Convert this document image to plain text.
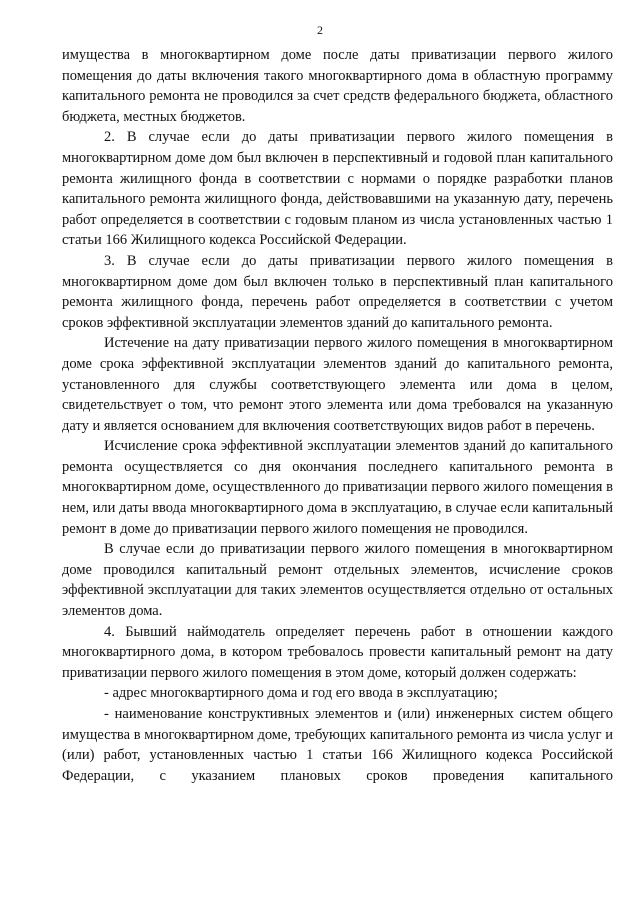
2

имущества в многоквартирном доме после даты приватизации первого жилого помещения до даты включения такого многоквартирного дома в областную программу капитального ремонта не проводился за счет средств федерального бюджета, областного бюджета, местных бюджетов.

2. В случае если до даты приватизации первого жилого помещения в многоквартирном доме дом был включен в перспективный и годовой план капитального ремонта жилищного фонда в соответствии с нормами о порядке разработки планов капитального ремонта жилищного фонда, действовавшими на указанную дату, перечень работ определяется в соответствии с годовым планом из числа установленных частью 1 статьи 166 Жилищного кодекса Российской Федерации.

3. В случае если до даты приватизации первого жилого помещения в многоквартирном доме дом был включен только в перспективный план капитального ремонта жилищного фонда, перечень работ определяется в соответствии с учетом сроков эффективной эксплуатации элементов зданий до капитального ремонта.

Истечение на дату приватизации первого жилого помещения в многоквартирном доме срока эффективной эксплуатации элементов зданий до капитального ремонта, установленного для службы соответствующего элемента или дома в целом, свидетельствует о том, что ремонт этого элемента или дома требовался на указанную дату и является основанием для включения соответствующих видов работ в перечень.

Исчисление срока эффективной эксплуатации элементов зданий до капитального ремонта осуществляется со дня окончания последнего капитального ремонта в многоквартирном доме, осуществленного до приватизации первого жилого помещения в нем, или даты ввода многоквартирного дома в эксплуатацию, в случае если капитальный ремонт в доме до приватизации первого жилого помещения не проводился.

В случае если до приватизации первого жилого помещения в многоквартирном доме проводился капитальный ремонт отдельных элементов, исчисление сроков эффективной эксплуатации для таких элементов осуществляется отдельно от остальных элементов дома.

4. Бывший наймодатель определяет перечень работ в отношении каждого многоквартирного дома, в котором требовалось провести капитальный ремонт на дату приватизации первого жилого помещения в этом доме, который должен содержать:

- адрес многоквартирного дома и год его ввода в эксплуатацию;

- наименование конструктивных элементов и (или) инженерных систем общего имущества в многоквартирном доме, требующих капитального ремонта из числа услуг и (или) работ, установленных частью 1 статьи 166 Жилищного кодекса Российской Федерации, с указанием плановых сроков проведения капитального
